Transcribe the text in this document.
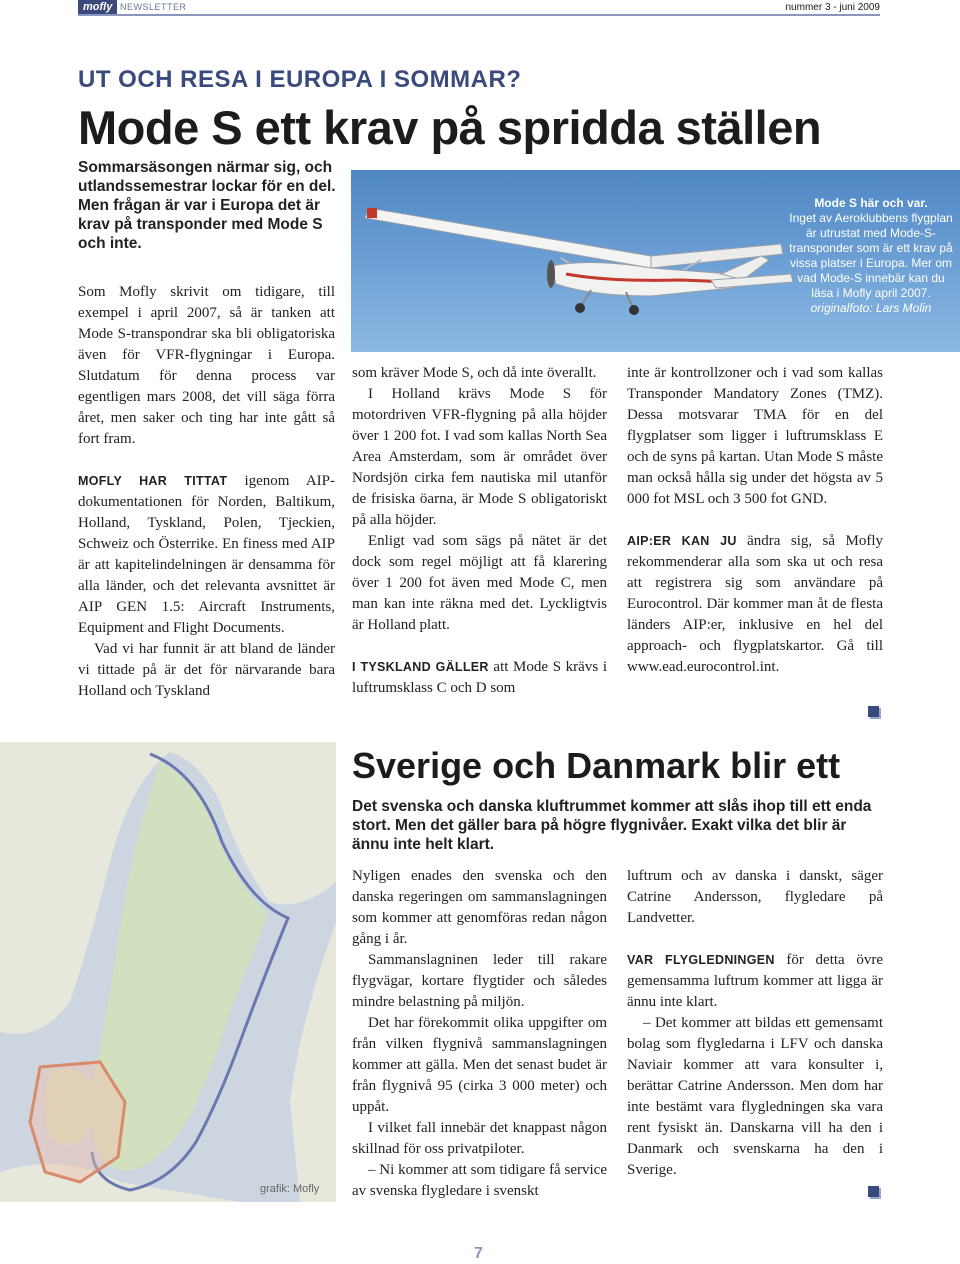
mofly NEWSLETTER	nummer 3 - juni 2009
UT OCH RESA I EUROPA I SOMMAR?
Mode S ett krav på spridda ställen
Sommarsäsongen närmar sig, och utlandssemestrar lockar för en del. Men frågan är var i Europa det är krav på transponder med Mode S och inte.

Som Mofly skrivit om tidigare, till exempel i april 2007, så är tanken att Mode S-transpondrar ska bli obligatoriska även för VFR-flygningar i Europa. Slutdatum för denna process var egentligen mars 2008, det vill säga förra året, men saker och ting har inte gått så fort fram.

MOFLY HAR TITTAT igenom AIP-dokumentationen för Norden, Baltikum, Holland, Tyskland, Polen, Tjeckien, Schweiz och Österrike. En finess med AIP är att kapitelindelningen är densamma för alla länder, och det relevanta avsnittet är AIP GEN 1.5: Aircraft Instruments, Equipment and Flight Documents.

Vad vi har funnit är att bland de länder vi tittade på är det för närvarande bara Holland och Tyskland

som kräver Mode S, och då inte överallt.

I Holland krävs Mode S för motordriven VFR-flygning på alla höjder över 1 200 fot. I vad som kallas North Sea Area Amsterdam, som är området över Nordsjön cirka fem nautiska mil utanför de frisiska öarna, är Mode S obligatoriskt på alla höjder.

Enligt vad som sägs på nätet är det dock som regel möjligt att få klarering över 1 200 fot även med Mode C, men man kan inte räkna med det. Lyckligtvis är Holland platt.

I TYSKLAND GÄLLER att Mode S krävs i luftrumsklass C och D som

inte är kontrollzoner och i vad som kallas Transponder Mandatory Zones (TMZ). Dessa motsvarar TMA för en del flygplatser som ligger i luftrumsklass E och de syns på kartan. Utan Mode S måste man också hålla sig under det högsta av 5 000 fot MSL och 3 500 fot GND.

AIP:ER KAN JU ändra sig, så Mofly rekommenderar alla som ska ut och resa att registrera sig som användare på Eurocontrol. Där kommer man åt de flesta länders AIP:er, inklusive en hel del approach- och flygplatskartor. Gå till www.ead.eurocontrol.int.

Mode S här och var.
Inget av Aeroklubbens flygplan är utrustat med Mode-S-transponder som är ett krav på vissa platser i Europa. Mer om vad Mode-S innebär kan du läsa i Mofly april 2007.
originalfoto: Lars Molin
grafik: Mofly
Sverige och Danmark blir ett
Det svenska och danska kluftrummet kommer att slås ihop till ett enda stort. Men det gäller bara på högre flygnivåer. Exakt vilka det blir är ännu inte helt klart.

Nyligen enades den svenska och den danska regeringen om sammanslagningen som kommer att genomföras redan någon gång i år.

Sammanslagninen leder till rakare flygvägar, kortare flygtider och således mindre belastning på miljön.

Det har förekommit olika uppgifter om från vilken flygnivå sammanslagningen kommer att gälla. Men det senast budet är från flygnivå 95 (cirka 3 000 meter) och uppåt.

I vilket fall innebär det knappast någon skillnad för oss privatpiloter.

– Ni kommer att som tidigare få service av svenska flygledare i svenskt

luftrum och av danska i danskt, säger Catrine Andersson, flygledare på Landvetter.

VAR FLYGLEDNINGEN för detta övre gemensamma luftrum kommer att ligga är ännu inte klart.

– Det kommer att bildas ett gemensamt bolag som flygledarna i LFV och danska Naviair kommer att vara konsulter i, berättar Catrine Andersson. Men dom har inte bestämt vara flygledningen ska vara rent fysiskt än. Danskarna vill ha den i Danmark och svenskarna ha den i Sverige.

7
